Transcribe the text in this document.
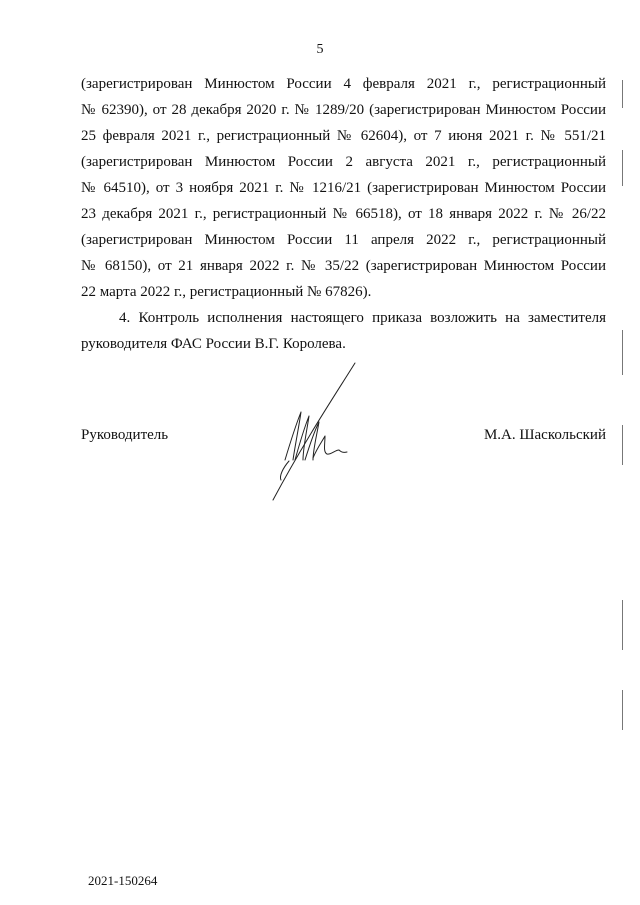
5
(зарегистрирован Минюстом России 4 февраля 2021 г., регистрационный
№ 62390), от 28 декабря 2020 г. № 1289/20 (зарегистрирован Минюстом России
25 февраля 2021 г., регистрационный № 62604), от 7 июня 2021 г. № 551/21
(зарегистрирован Минюстом России 2 августа 2021 г., регистрационный
№ 64510), от 3 ноября 2021 г. № 1216/21 (зарегистрирован Минюстом России
23 декабря 2021 г., регистрационный № 66518), от 18 января 2022 г. № 26/22
(зарегистрирован Минюстом России 11 апреля 2022 г., регистрационный
№ 68150), от 21 января 2022 г. № 35/22 (зарегистрирован Минюстом России
22 марта 2022 г., регистрационный № 67826).
4. Контроль исполнения настоящего приказа возложить на заместителя
руководителя ФАС России В.Г. Королева.
Руководитель	М.А. Шаскольский
2021-150264
